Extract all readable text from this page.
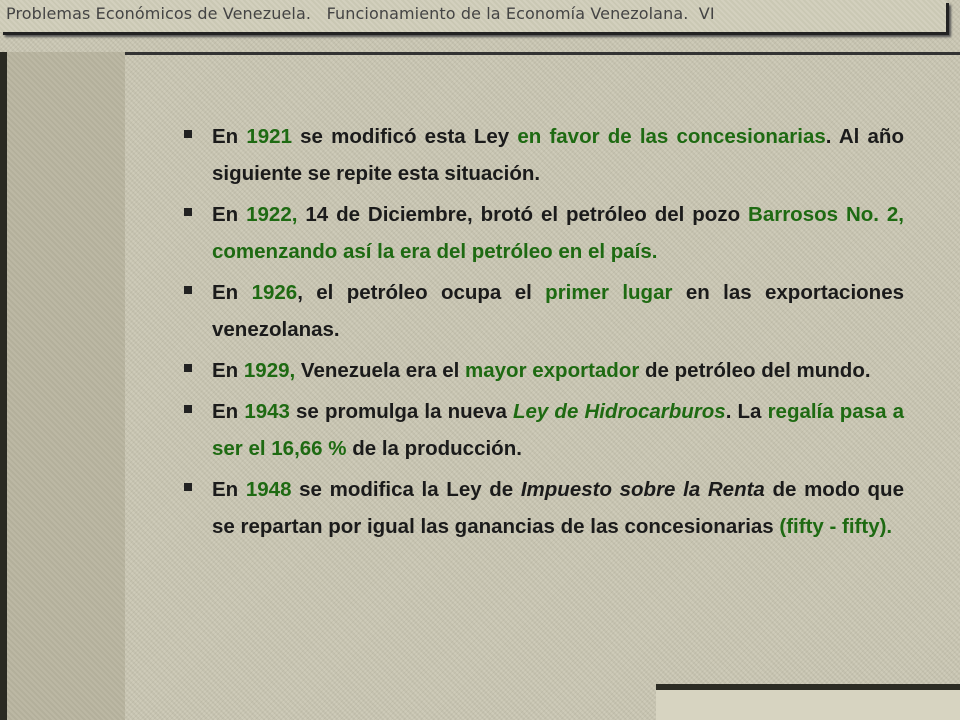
Problemas Económicos de Venezuela.   Funcionamiento de la Economía Venezolana.  VI
En 1921 se modificó esta Ley en favor de las concesionarias. Al año siguiente se repite esta situación.
En 1922, 14 de Diciembre, brotó el petróleo del pozo Barrosos No. 2, comenzando así la era del petróleo en el país.
En 1926, el petróleo ocupa el primer lugar en las exportaciones venezolanas.
En 1929, Venezuela era el mayor exportador de petróleo del mundo.
En 1943 se promulga la nueva Ley de Hidrocarburos. La regalía pasa a ser el 16,66 % de la producción.
En 1948 se modifica la Ley de Impuesto sobre la Renta de modo que se repartan por igual las ganancias de las concesionarias (fifty - fifty).
